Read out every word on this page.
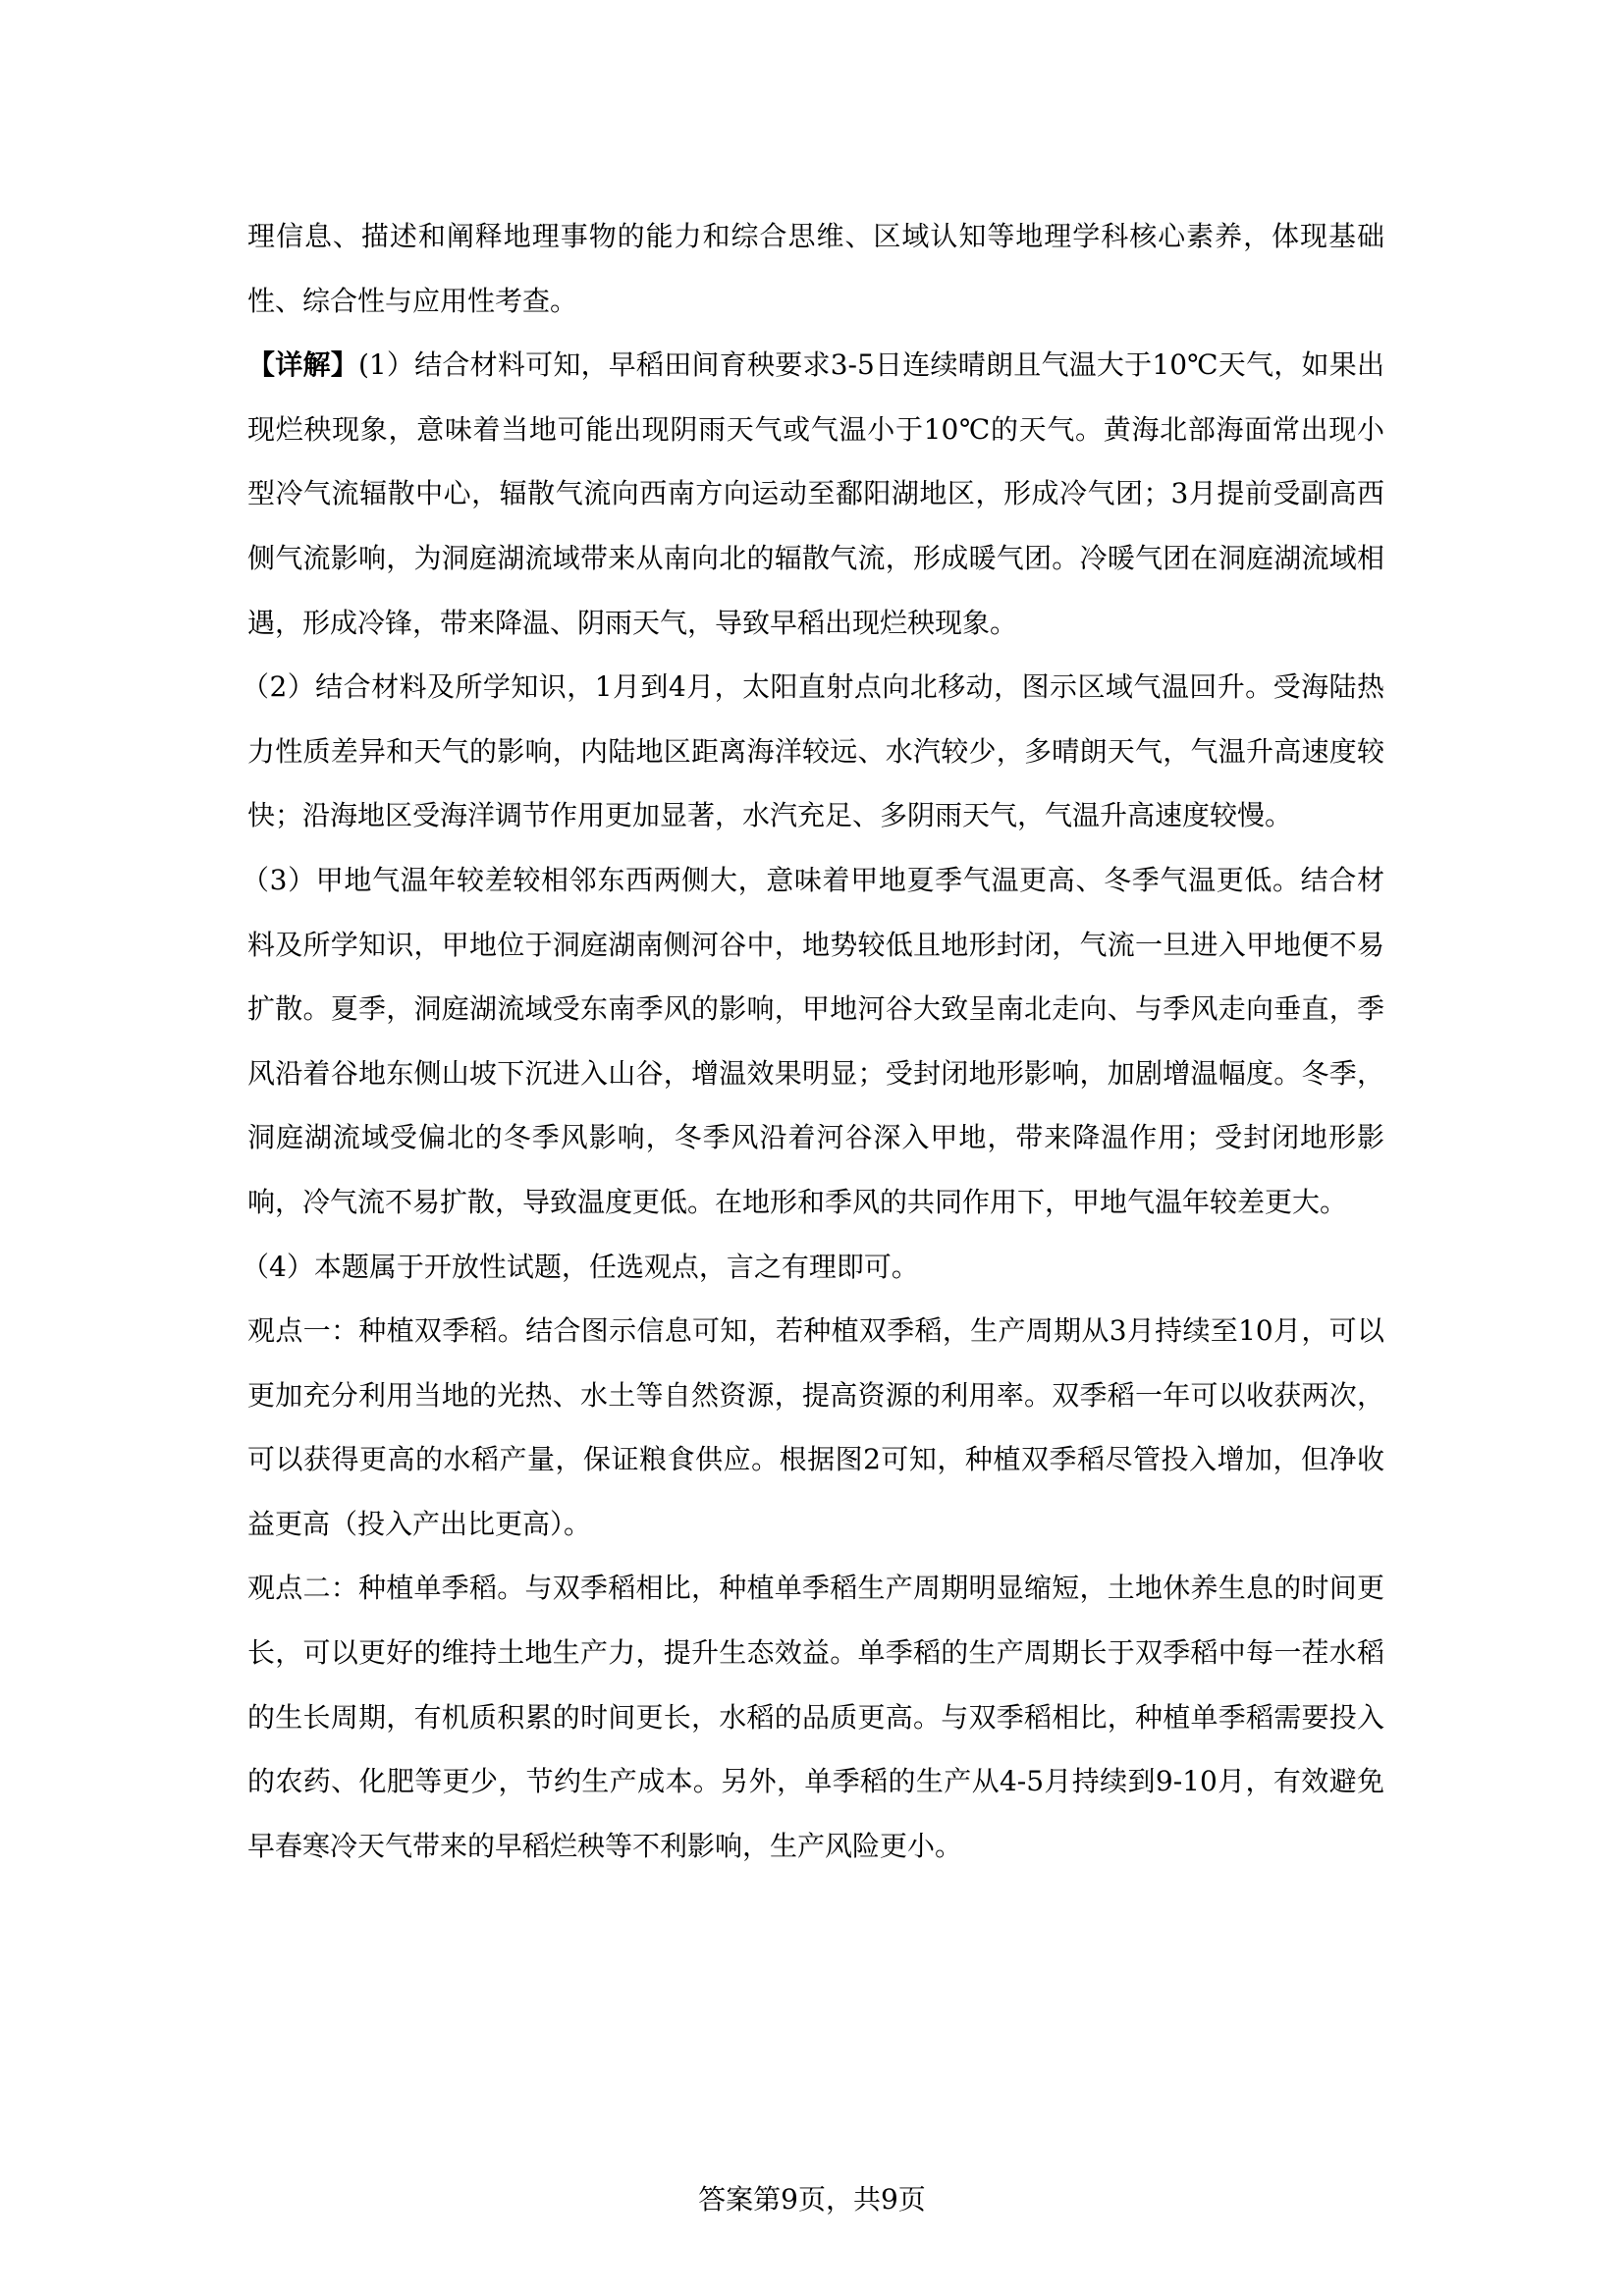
理信息、描述和阐释地理事物的能力和综合思维、区域认知等地理学科核心素养，体现基础性、综合性与应用性考查。

【详解】(1）结合材料可知，早稻田间育秧要求3-5日连续晴朗且气温大于10℃天气，如果出现烂秧现象，意味着当地可能出现阴雨天气或气温小于10℃的天气。黄海北部海面常出现小型冷气流辐散中心，辐散气流向西南方向运动至鄱阳湖地区，形成冷气团；3月提前受副高西侧气流影响，为洞庭湖流域带来从南向北的辐散气流，形成暖气团。冷暖气团在洞庭湖流域相遇，形成冷锋，带来降温、阴雨天气，导致早稻出现烂秧现象。

（2）结合材料及所学知识，1月到4月，太阳直射点向北移动，图示区域气温回升。受海陆热力性质差异和天气的影响，内陆地区距离海洋较远、水汽较少，多晴朗天气，气温升高速度较快；沿海地区受海洋调节作用更加显著，水汽充足、多阴雨天气，气温升高速度较慢。

（3）甲地气温年较差较相邻东西两侧大，意味着甲地夏季气温更高、冬季气温更低。结合材料及所学知识，甲地位于洞庭湖南侧河谷中，地势较低且地形封闭，气流一旦进入甲地便不易扩散。夏季，洞庭湖流域受东南季风的影响，甲地河谷大致呈南北走向、与季风走向垂直，季风沿着谷地东侧山坡下沉进入山谷，增温效果明显；受封闭地形影响，加剧增温幅度。冬季，洞庭湖流域受偏北的冬季风影响，冬季风沿着河谷深入甲地，带来降温作用；受封闭地形影响，冷气流不易扩散，导致温度更低。在地形和季风的共同作用下，甲地气温年较差更大。

（4）本题属于开放性试题，任选观点，言之有理即可。

观点一：种植双季稻。结合图示信息可知，若种植双季稻，生产周期从3月持续至10月，可以更加充分利用当地的光热、水土等自然资源，提高资源的利用率。双季稻一年可以收获两次，可以获得更高的水稻产量，保证粮食供应。根据图2可知，种植双季稻尽管投入增加，但净收益更高（投入产出比更高）。

观点二：种植单季稻。与双季稻相比，种植单季稻生产周期明显缩短，土地休养生息的时间更长，可以更好的维持土地生产力，提升生态效益。单季稻的生产周期长于双季稻中每一茬水稻的生长周期，有机质积累的时间更长，水稻的品质更高。与双季稻相比，种植单季稻需要投入的农药、化肥等更少，节约生产成本。另外，单季稻的生产从4-5月持续到9-10月，有效避免早春寒冷天气带来的早稻烂秧等不利影响，生产风险更小。

答案第9页，共9页
